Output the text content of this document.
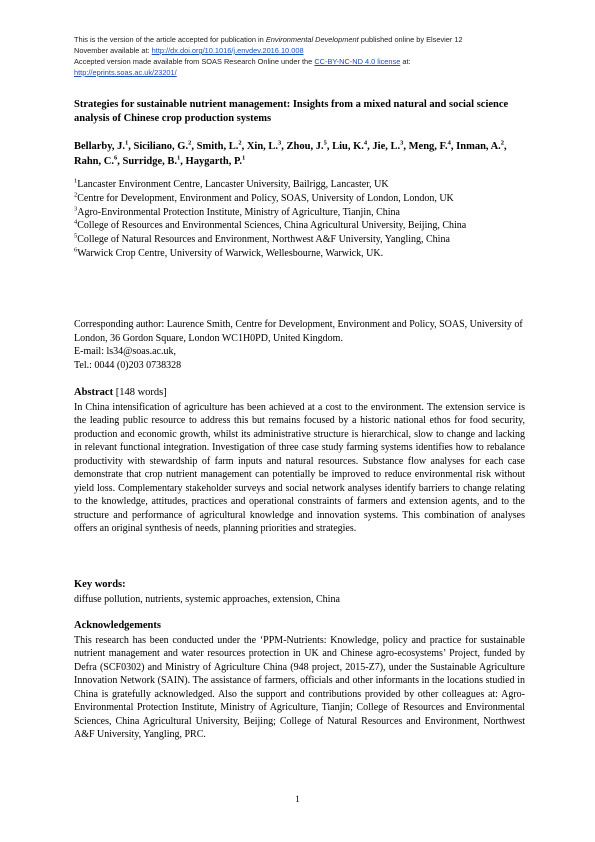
This is the version of the article accepted for publication in Environmental Development published online by Elsevier 12
November available at: http://dx.doi.org/10.1016/j.envdev.2016.10.008
Accepted version made available from SOAS Research Online under the CC-BY-NC-ND 4.0 license at:
http://eprints.soas.ac.uk/23201/
Strategies for sustainable nutrient management: Insights from a mixed natural and social science analysis of Chinese crop production systems
Bellarby, J.$^1$, Siciliano, G.$^2$, Smith, L.$^2$, Xin, L.$^3$, Zhou, J.$^5$, Liu, K.$^4$, Jie, L.$^3$, Meng, F.$^4$, Inman, A.$^2$, Rahn, C.$^6$, Surridge, B.$^1$, Haygarth, P.$^1$
$^1$Lancaster Environment Centre, Lancaster University, Bailrigg, Lancaster, UK
$^2$Centre for Development, Environment and Policy, SOAS, University of London, London, UK
$^3$Agro-Environmental Protection Institute, Ministry of Agriculture, Tianjin, China
$^4$College of Resources and Environmental Sciences, China Agricultural University, Beijing, China
$^5$College of Natural Resources and Environment, Northwest A&F University, Yangling, China
$^6$Warwick Crop Centre, University of Warwick, Wellesbourne, Warwick, UK.
Corresponding author: Laurence Smith, Centre for Development, Environment and Policy, SOAS, University of London, 36 Gordon Square, London WC1H0PD, United Kingdom.
E-mail: ls34@soas.ac.uk,
Tel.: 0044 (0)203 0738328
Abstract [148 words]
In China intensification of agriculture has been achieved at a cost to the environment. The extension service is the leading public resource to address this but remains focused by a historic national ethos for food security, production and economic growth, whilst its administrative structure is hierarchical, slow to change and lacking in relevant functional integration. Investigation of three case study farming systems identifies how to rebalance productivity with stewardship of farm inputs and natural resources. Substance flow analyses for each case demonstrate that crop nutrient management can potentially be improved to reduce environmental risk without yield loss. Complementary stakeholder surveys and social network analyses identify barriers to change relating to the knowledge, attitudes, practices and operational constraints of farmers and extension agents, and to the structure and performance of agricultural knowledge and innovation systems. This combination of analyses offers an original synthesis of needs, planning priorities and strategies.
Key words:
diffuse pollution, nutrients, systemic approaches, extension, China
Acknowledgements
This research has been conducted under the ‘PPM-Nutrients: Knowledge, policy and practice for sustainable nutrient management and water resources protection in UK and Chinese agro-ecosystems’ Project, funded by Defra (SCF0302) and Ministry of Agriculture China (948 project, 2015-Z7), under the Sustainable Agriculture Innovation Network (SAIN). The assistance of farmers, officials and other informants in the locations studied in China is gratefully acknowledged. Also the support and contributions provided by other colleagues at: Agro-Environmental Protection Institute, Ministry of Agriculture, Tianjin; College of Resources and Environmental Sciences, China Agricultural University, Beijing; College of Natural Resources and Environment, Northwest A&F University, Yangling, PRC.
1
